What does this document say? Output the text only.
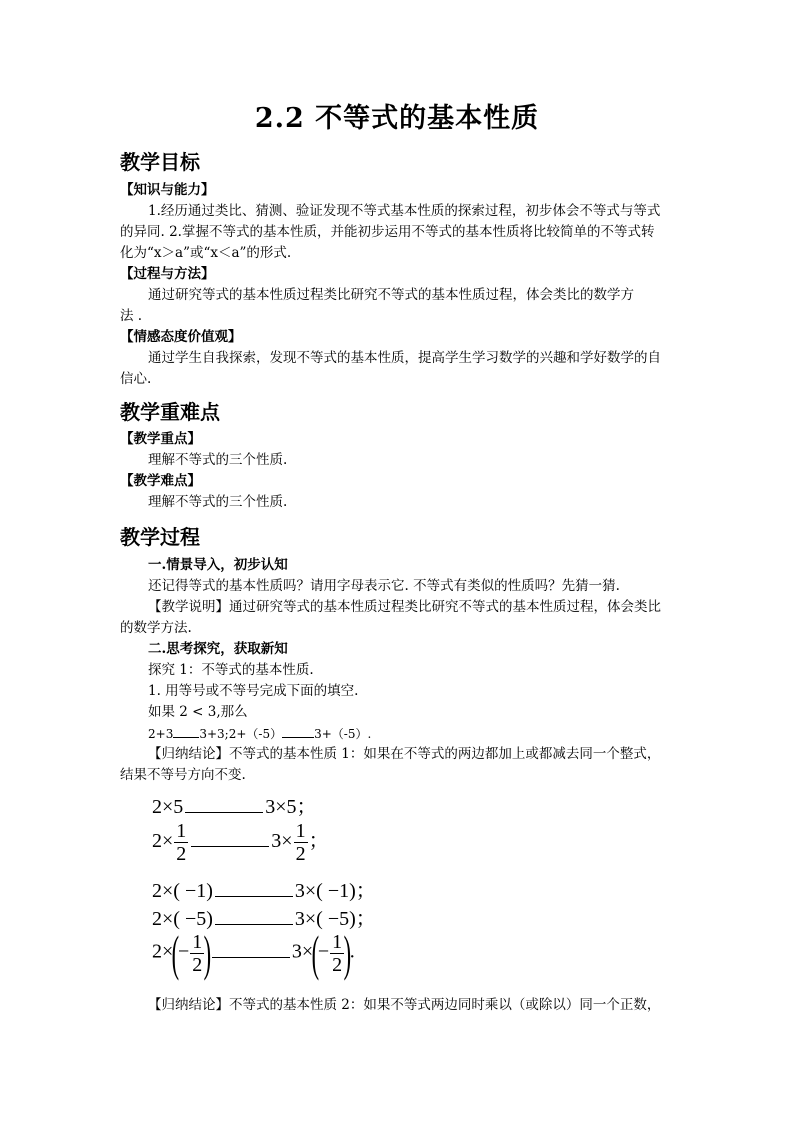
2.2 不等式的基本性质
教学目标
【知识与能力】
1.经历通过类比、猜测、验证发现不等式基本性质的探索过程，初步体会不等式与等式
的异同. 2.掌握不等式的基本性质，并能初步运用不等式的基本性质将比较简单的不等式转
化为“x＞a”或“x＜a”的形式.
【过程与方法】
通过研究等式的基本性质过程类比研究不等式的基本性质过程，体会类比的数学方
法 .
【情感态度价值观】
通过学生自我探索，发现不等式的基本性质，提高学生学习数学的兴趣和学好数学的自
信心.
教学重难点
【教学重点】
理解不等式的三个性质.
【教学难点】
理解不等式的三个性质.
教学过程
一.情景导入，初步认知
还记得等式的基本性质吗？请用字母表示它. 不等式有类似的性质吗？先猜一猜.
【教学说明】通过研究等式的基本性质过程类比研究不等式的基本性质过程，体会类比
的数学方法.
二.思考探究，获取新知
探究 1：不等式的基本性质.
1. 用等号或不等号完成下面的填空.
如果 2 < 3,那么
2+3 3+3;2+（-5）	3+（-5）.
【归纳结论】不等式的基本性质 1：如果在不等式的两边都加上或都减去同一个整式，
结果不等号方向不变.
2×5	3×5；
$2\times \frac{1}{2}$	$3\times \frac{1}{2}$ ；
2×( −1)	3×( −1)；
2×( −5)	3×( −5)；
$2\times(- \frac{1}{2}$ )	$3\times(- \frac{1}{2}$ ).
【归纳结论】不等式的基本性质 2：如果不等式两边同时乘以（或除以）同一个正数，
